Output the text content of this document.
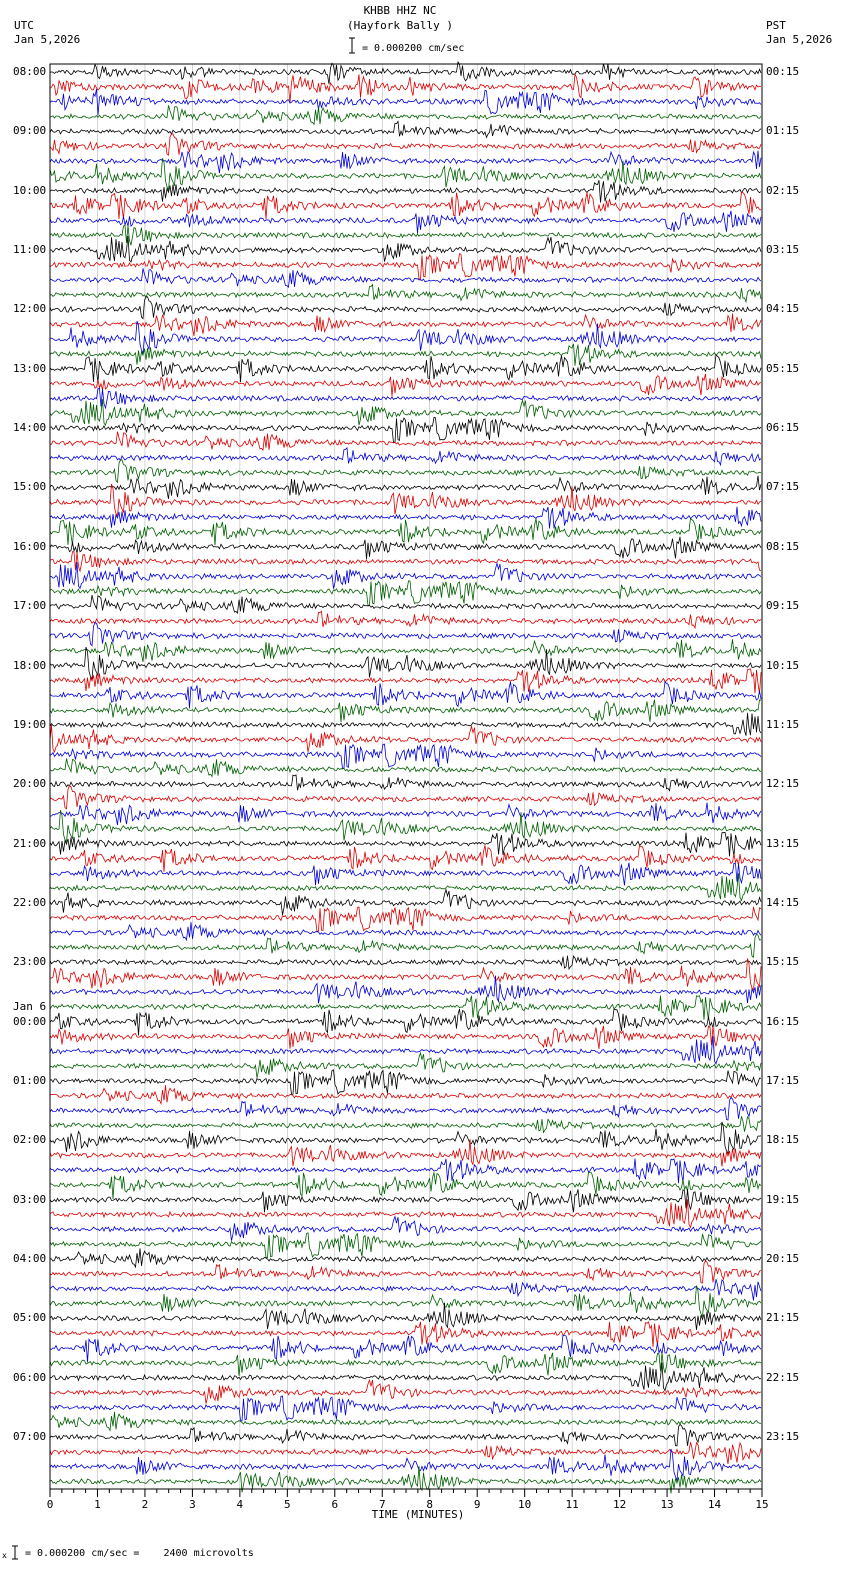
0	1	2	3	4	5	6	7	8	9	10	11	12	13	14	15
KHBB HHZ NC
(Hayfork Bally )
= 0.000200 cm/sec
UTC
Jan 5,2026
PST
Jan 5,2026
08:00	00:15
09:00	01:15
10:00	02:15
11:00	03:15
12:00	04:15
13:00	05:15
14:00	06:15
15:00	07:15
16:00	08:15
17:00	09:15
18:00	10:15
19:00	11:15
20:00	12:15
21:00	13:15
22:00	14:15
23:00	15:15
00:00	16:15
01:00	17:15
02:00	18:15
03:00	19:15
04:00	20:15
05:00	21:15
06:00	22:15
07:00	23:15
Jan 6
TIME (MINUTES)
= 0.000200 cm/sec =    2400 microvolts
x
